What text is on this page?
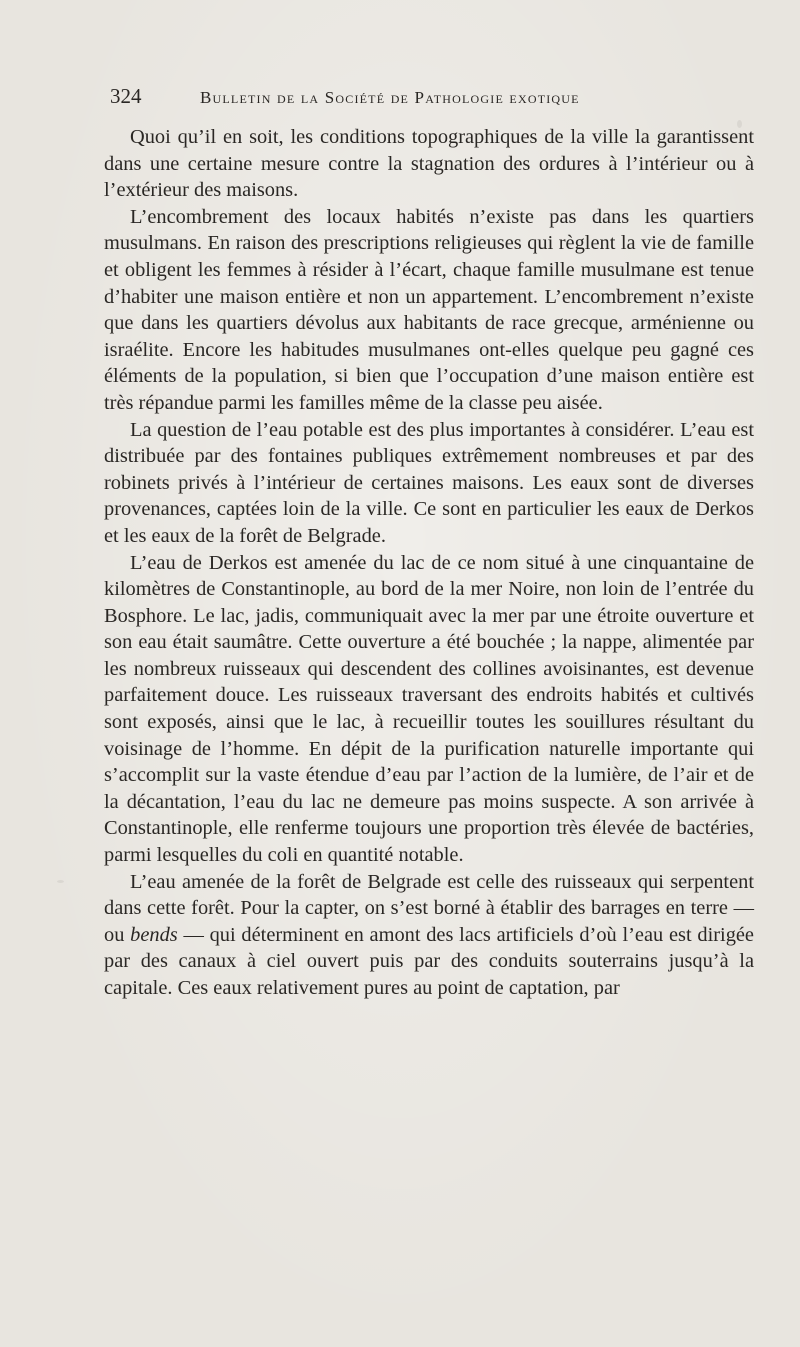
324	Bulletin de la Société de Pathologie exotique

Quoi qu’il en soit, les conditions topographiques de la ville la garantissent dans une certaine mesure contre la stagnation des ordures à l’intérieur ou à l’extérieur des maisons.

L’encombrement des locaux habités n’existe pas dans les quartiers musulmans. En raison des prescriptions religieuses qui règlent la vie de famille et obligent les femmes à résider à l’écart, chaque famille musulmane est tenue d’habiter une maison entière et non un appartement. L’encombrement n’existe que dans les quartiers dévolus aux habitants de race grecque, arménienne ou israélite. Encore les habitudes musulmanes ont-elles quelque peu gagné ces éléments de la population, si bien que l’occupation d’une maison entière est très répandue parmi les familles même de la classe peu aisée.

La question de l’eau potable est des plus importantes à considérer. L’eau est distribuée par des fontaines publiques extrêmement nombreuses et par des robinets privés à l’intérieur de certaines maisons. Les eaux sont de diverses provenances, captées loin de la ville. Ce sont en particulier les eaux de Derkos et les eaux de la forêt de Belgrade.

L’eau de Derkos est amenée du lac de ce nom situé à une cinquantaine de kilomètres de Constantinople, au bord de la mer Noire, non loin de l’entrée du Bosphore. Le lac, jadis, communiquait avec la mer par une étroite ouverture et son eau était saumâtre. Cette ouverture a été bouchée ; la nappe, alimentée par les nombreux ruisseaux qui descendent des collines avoisinantes, est devenue parfaitement douce. Les ruisseaux traversant des endroits habités et cultivés sont exposés, ainsi que le lac, à recueillir toutes les souillures résultant du voisinage de l’homme. En dépit de la purification naturelle importante qui s’accomplit sur la vaste étendue d’eau par l’action de la lumière, de l’air et de la décantation, l’eau du lac ne demeure pas moins suspecte. A son arrivée à Constantinople, elle renferme toujours une proportion très élevée de bactéries, parmi lesquelles du coli en quantité notable.

L’eau amenée de la forêt de Belgrade est celle des ruisseaux qui serpentent dans cette forêt. Pour la capter, on s’est borné à établir des barrages en terre — ou bends — qui déterminent en amont des lacs artificiels d’où l’eau est dirigée par des canaux à ciel ouvert puis par des conduits souterrains jusqu’à la capitale. Ces eaux relativement pures au point de captation, par
